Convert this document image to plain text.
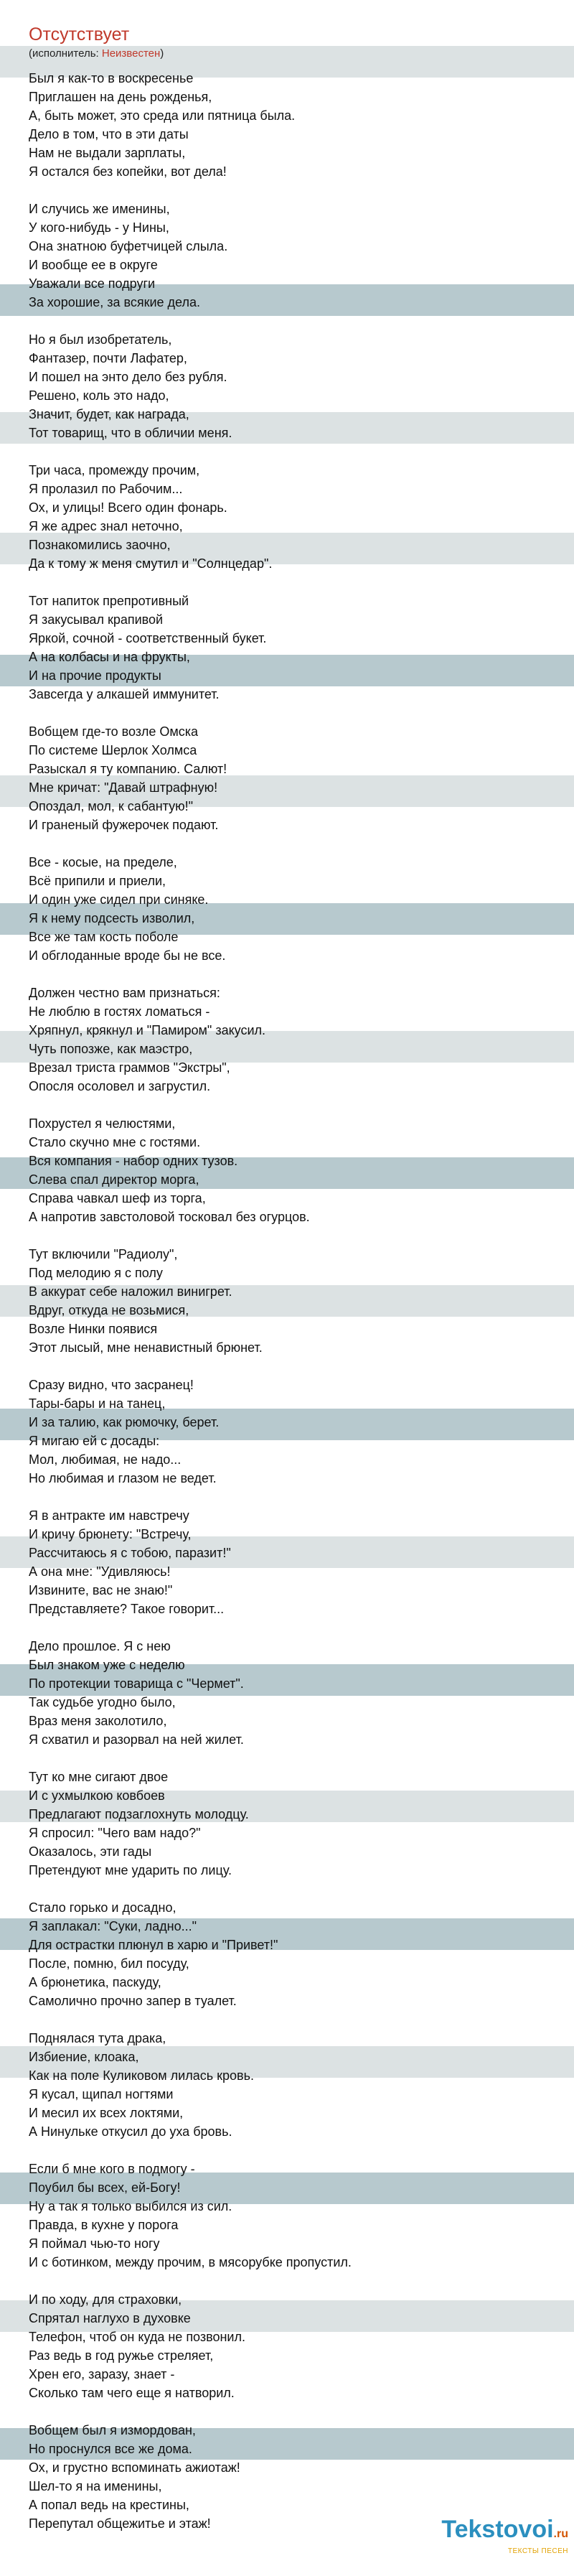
Отсутствует
(исполнитель: Неизвестен)
Был я как-то в воскресенье
Приглашен на день рожденья,
А, быть может, это среда или пятница была.
Дело в том, что в эти даты
Нам не выдали зарплаты,
Я остался без копейки, вот дела!
И случись же именины,
У кого-нибудь - у Нины,
Она знатною буфетчицей слыла.
И вообще ее в округе
Уважали все подруги
За хорошие, за всякие дела.
Но я был изобретатель,
Фантазер, почти Лафатер,
И пошел на энто дело без рубля.
Решено, коль это надо,
Значит, будет, как награда,
Тот товарищ, что в обличии меня.
Три часа, промежду прочим,
Я пролазил по Рабочим...
Ох, и улицы! Всего один фонарь.
Я же адрес знал неточно,
Познакомились заочно,
Да к тому ж меня смутил и "Солнцедар".
Тот напиток препротивный
Я закусывал крапивой
Яркой, сочной - соответственный букет.
А на колбасы и на фрукты,
И на прочие продукты
Завсегда у алкашей иммунитет.
Вобщем где-то возле Омска
По системе Шерлок Холмса
Разыскал я ту компанию. Салют!
Мне кричат: "Давай штрафную!
Опоздал, мол, к сабантую!"
И граненый фужерочек подают.
Все - косые, на пределе,
Всё припили и приели,
И один уже сидел при синяке.
Я к нему подсесть изволил,
Все же там кость поболе
И обглоданные вроде бы не все.
Должен честно вам признаться:
Не люблю в гостях ломаться -
Хряпнул, крякнул и "Памиром" закусил.
Чуть попозже, как маэстро,
Врезал триста граммов "Экстры",
Опосля осоловел и загрустил.
Похрустел я челюстями,
Стало скучно мне с гостями.
Вся компания - набор одних тузов.
Слева спал директор морга,
Справа чавкал шеф из торга,
А напротив завстоловой тосковал без огурцов.
Тут включили "Радиолу",
Под мелодию я с полу
В аккурат себе наложил винигрет.
Вдруг, откуда не возьмися,
Возле Нинки появися
Этот лысый, мне ненавистный брюнет.
Сразу видно, что засранец!
Тары-бары и на танец,
И за талию, как рюмочку, берет.
Я мигаю ей с досады:
Мол, любимая, не надо...
Но любимая и глазом не ведет.
Я в антракте им навстречу
И кричу брюнету: "Встречу,
Рассчитаюсь я с тобою, паразит!"
А она мне: "Удивляюсь!
Извините, вас не знаю!"
Представляете? Такое говорит...
Дело прошлое. Я с нею
Был знаком уже с неделю
По протекции товарища с "Чермет".
Так судьбе угодно было,
Враз меня заколотило,
Я схватил и разорвал на ней жилет.
Тут ко мне сигают двое
И с ухмылкою ковбоев
Предлагают подзаглохнуть молодцу.
Я спросил: "Чего вам надо?"
Оказалось, эти гады
Претендуют мне ударить по лицу.
Стало горько и досадно,
Я заплакал: "Суки, ладно..."
Для острастки плюнул в харю и "Привет!"
После, помню, бил посуду,
А брюнетика, паскуду,
Самолично прочно запер в туалет.
Поднялася тута драка,
Избиение, клоака,
Как на поле Куликовом лилась кровь.
Я кусал, щипал ногтями
И месил их всех локтями,
А Нинульке откусил до уха бровь.
Если б мне кого в подмогу -
Поубил бы всех, ей-Богу!
Ну а так я только выбился из сил.
Правда, в кухне у порога
Я поймал чью-то ногу
И с ботинком, между прочим, в мясорубке пропустил.
И по ходу, для страховки,
Спрятал наглухо в духовке
Телефон, чтоб он куда не позвонил.
Раз ведь в год ружье стреляет,
Хрен его, заразу, знает -
Сколько там чего еще я натворил.
Вобщем был я измордован,
Но проснулся все же дома.
Ох, и грустно вспоминать ажиотаж!
Шел-то я на именины,
А попал ведь на крестины,
Перепутал общежитье и этаж!	Tekstovoi.ru
ТЕКСТЫ ПЕСЕН
